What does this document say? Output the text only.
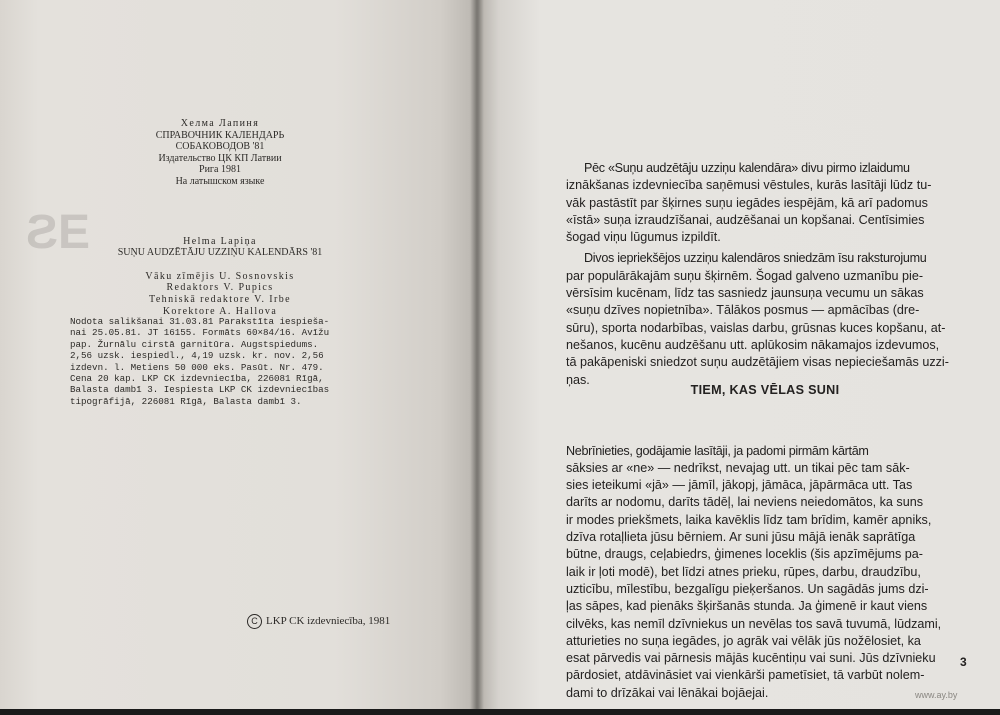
ƎS
Хелма Лапиня
СПРАВОЧНИК КАЛЕНДАРЬ
СОБАКОВОДОВ '81
Издательство ЦК КП Латвии
Рига 1981
На латышском языке
Helma Lapiņa
SUŅU AUDZĒTĀJU UZZIŅU KALENDĀRS '81
Vāku zīmējis U. Sosnovskis
Redaktors V. Pupics
Tehniskā redaktore V. Irbe
Korektore A. Hallova
Nodota salikšanai 31.03.81 Parakstīta iespieša-
nai 25.05.81. JT 16155. Formāts 60×84/16. Avīžu
pap. Žurnālu cirstā garnitūra. Augstspiedums.
2,56 uzsk. iespiedl., 4,19 uzsk. kr. nov. 2,56
izdevn. l. Metiens 50 000 eks. Pasūt. Nr. 479.
Cena 20 kap. LKP CK izdevniecība, 226081 Rīgā,
Balasta dambī 3. Iespiesta LKP CK izdevniecības
tipogrāfijā, 226081 Rīgā, Balasta dambī 3.
C LKP CK izdevniecība, 1981

Pēc «Suņu audzētāju uzziņu kalendāra» divu pirmo izlaidumu
iznākšanas izdevniecība saņēmusi vēstules, kurās lasītāji lūdz tu-
vāk pastāstīt par šķirnes suņu iegādes iespējām, kā arī padomus
«īstā» suņa izraudzīšanai, audzēšanai un kopšanai. Centīsimies
šogad viņu lūgumus izpildīt.

Divos iepriekšējos uzziņu kalendāros sniedzām īsu raksturojumu
par populārākajām suņu šķirnēm. Šogad galveno uzmanību pie-
vērsīsim kucēnam, līdz tas sasniedz jaunsuņa vecumu un sākas
«suņu dzīves nopietnība». Tālākos posmus — apmācības (dre-
sūru), sporta nodarbības, vaislas darbu, grūsnas kuces kopšanu, at-
nešanos, kucēnu audzēšanu utt. aplūkosim nākamajos izdevumos,
tā pakāpeniski sniedzot suņu audzētājiem visas nepieciešamās uzzi-
ņas.

TIEM, KAS VĒLAS SUNI

Nebrīnieties, godājamie lasītāji, ja padomi pirmām kārtām
sāksies ar «ne» — nedrīkst, nevajag utt. un tikai pēc tam sāk-
sies ieteikumi «jā» — jāmīl, jākopj, jāmāca, jāpārmāca utt. Tas
darīts ar nodomu, darīts tādēļ, lai neviens neiedomātos, ka suns
ir modes priekšmets, laika kavēklis līdz tam brīdim, kamēr apniks,
dzīva rotaļlieta jūsu bērniem. Ar suni jūsu mājā ienāk saprātīga
būtne, draugs, ceļabiedrs, ģimenes loceklis (šis apzīmējums pa-
laik ir ļoti modē), bet līdzi atnes prieku, rūpes, darbu, draudzību,
uzticību, mīlestību, bezgalīgu pieķeršanos. Un sagādās jums dzi-
ļas sāpes, kad pienāks šķiršanās stunda. Ja ģimenē ir kaut viens
cilvēks, kas nemīl dzīvniekus un nevēlas tos savā tuvumā, lūdzami,
atturieties no suņa iegādes, jo agrāk vai vēlāk jūs nožēlosiet, ka
esat pārvedis vai pārnesis mājās kucēntiņu vai suni. Jūs dzīvnieku
pārdosiet, atdāvināsiet vai vienkārši pametīsiet, tā varbūt nolem-
dami to drīzākai vai lēnākai bojāejai.

3
www.ay.by
